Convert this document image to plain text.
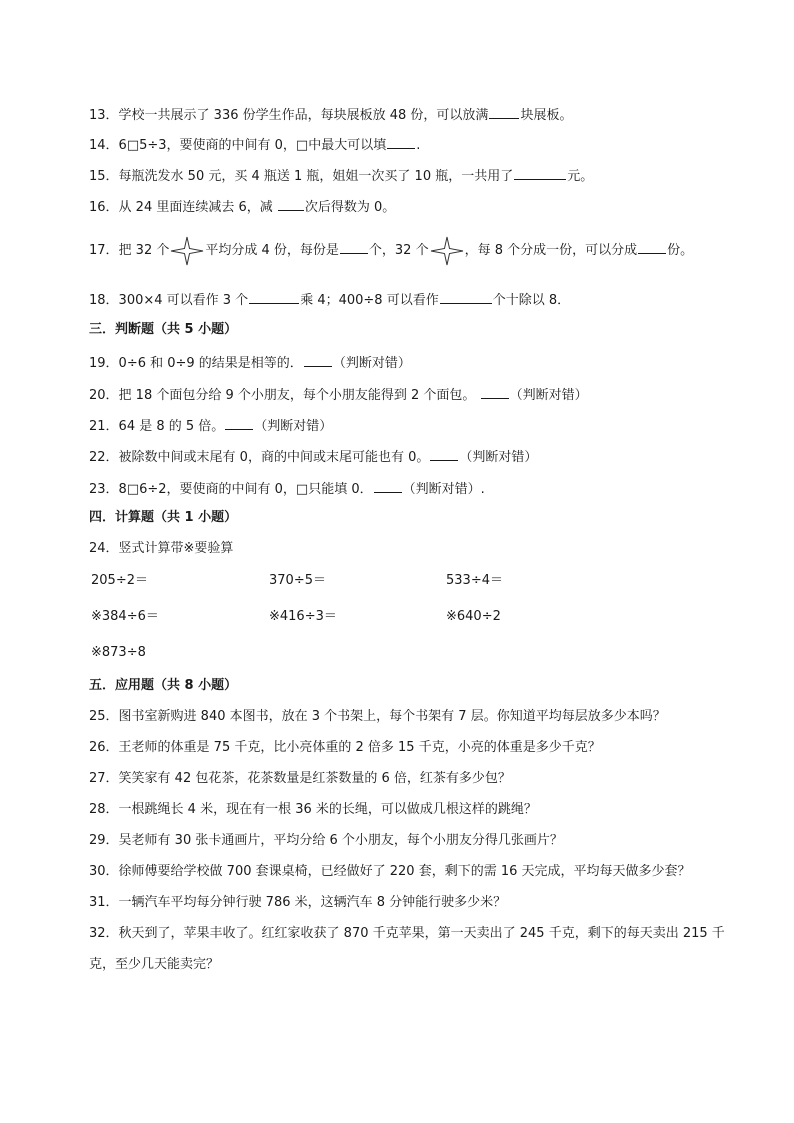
13．学校一共展示了 336 份学生作品，每块展板放 48 份，可以放满 块展板。
14．6□5÷3，要使商的中间有 0，□中最大可以填 .
15．每瓶洗发水 50 元，买 4 瓶送 1 瓶，姐姐一次买了 10 瓶，一共用了	元。
16．从 24 里面连续减去 6，减 次后得数为 0。
17．把 32 个	平均分成 4 份，每份是 个，32 个	，每 8 个分成一份，可以分成 份。
18．300×4 可以看作 3 个	乘 4；400÷8 可以看作	个十除以 8．
三．判断题（共 5 小题）
19．0÷6 和 0÷9 的结果是相等的． （判断对错）
20．把 18 个面包分给 9 个小朋友，每个小朋友能得到 2 个面包。 （判断对错）
21．64 是 8 的 5 倍。 （判断对错）
22．被除数中间或末尾有 0，商的中间或末尾可能也有 0。 （判断对错）
23．8□6÷2，要使商的中间有 0，□只能填 0． （判断对错）.
四．计算题（共 1 小题）
24．竖式计算带※要验算
205÷2＝	370÷5＝	533÷4＝
※384÷6＝	※416÷3＝	※640÷2
※873÷8
五．应用题（共 8 小题）
25．图书室新购进 840 本图书，放在 3 个书架上，每个书架有 7 层。你知道平均每层放多少本吗？
26．王老师的体重是 75 千克，比小亮体重的 2 倍多 15 千克，小亮的体重是多少千克？
27．笑笑家有 42 包花茶，花茶数量是红茶数量的 6 倍，红茶有多少包？
28．一根跳绳长 4 米，现在有一根 36 米的长绳，可以做成几根这样的跳绳？
29．吴老师有 30 张卡通画片，平均分给 6 个小朋友，每个小朋友分得几张画片？
30．徐师傅要给学校做 700 套课桌椅，已经做好了 220 套，剩下的需 16 天完成，平均每天做多少套？
31．一辆汽车平均每分钟行驶 786 米，这辆汽车 8 分钟能行驶多少米？
32．秋天到了，苹果丰收了。红红家收获了 870 千克苹果，第一天卖出了 245 千克，剩下的每天卖出 215 千克，至少几天能卖完？
